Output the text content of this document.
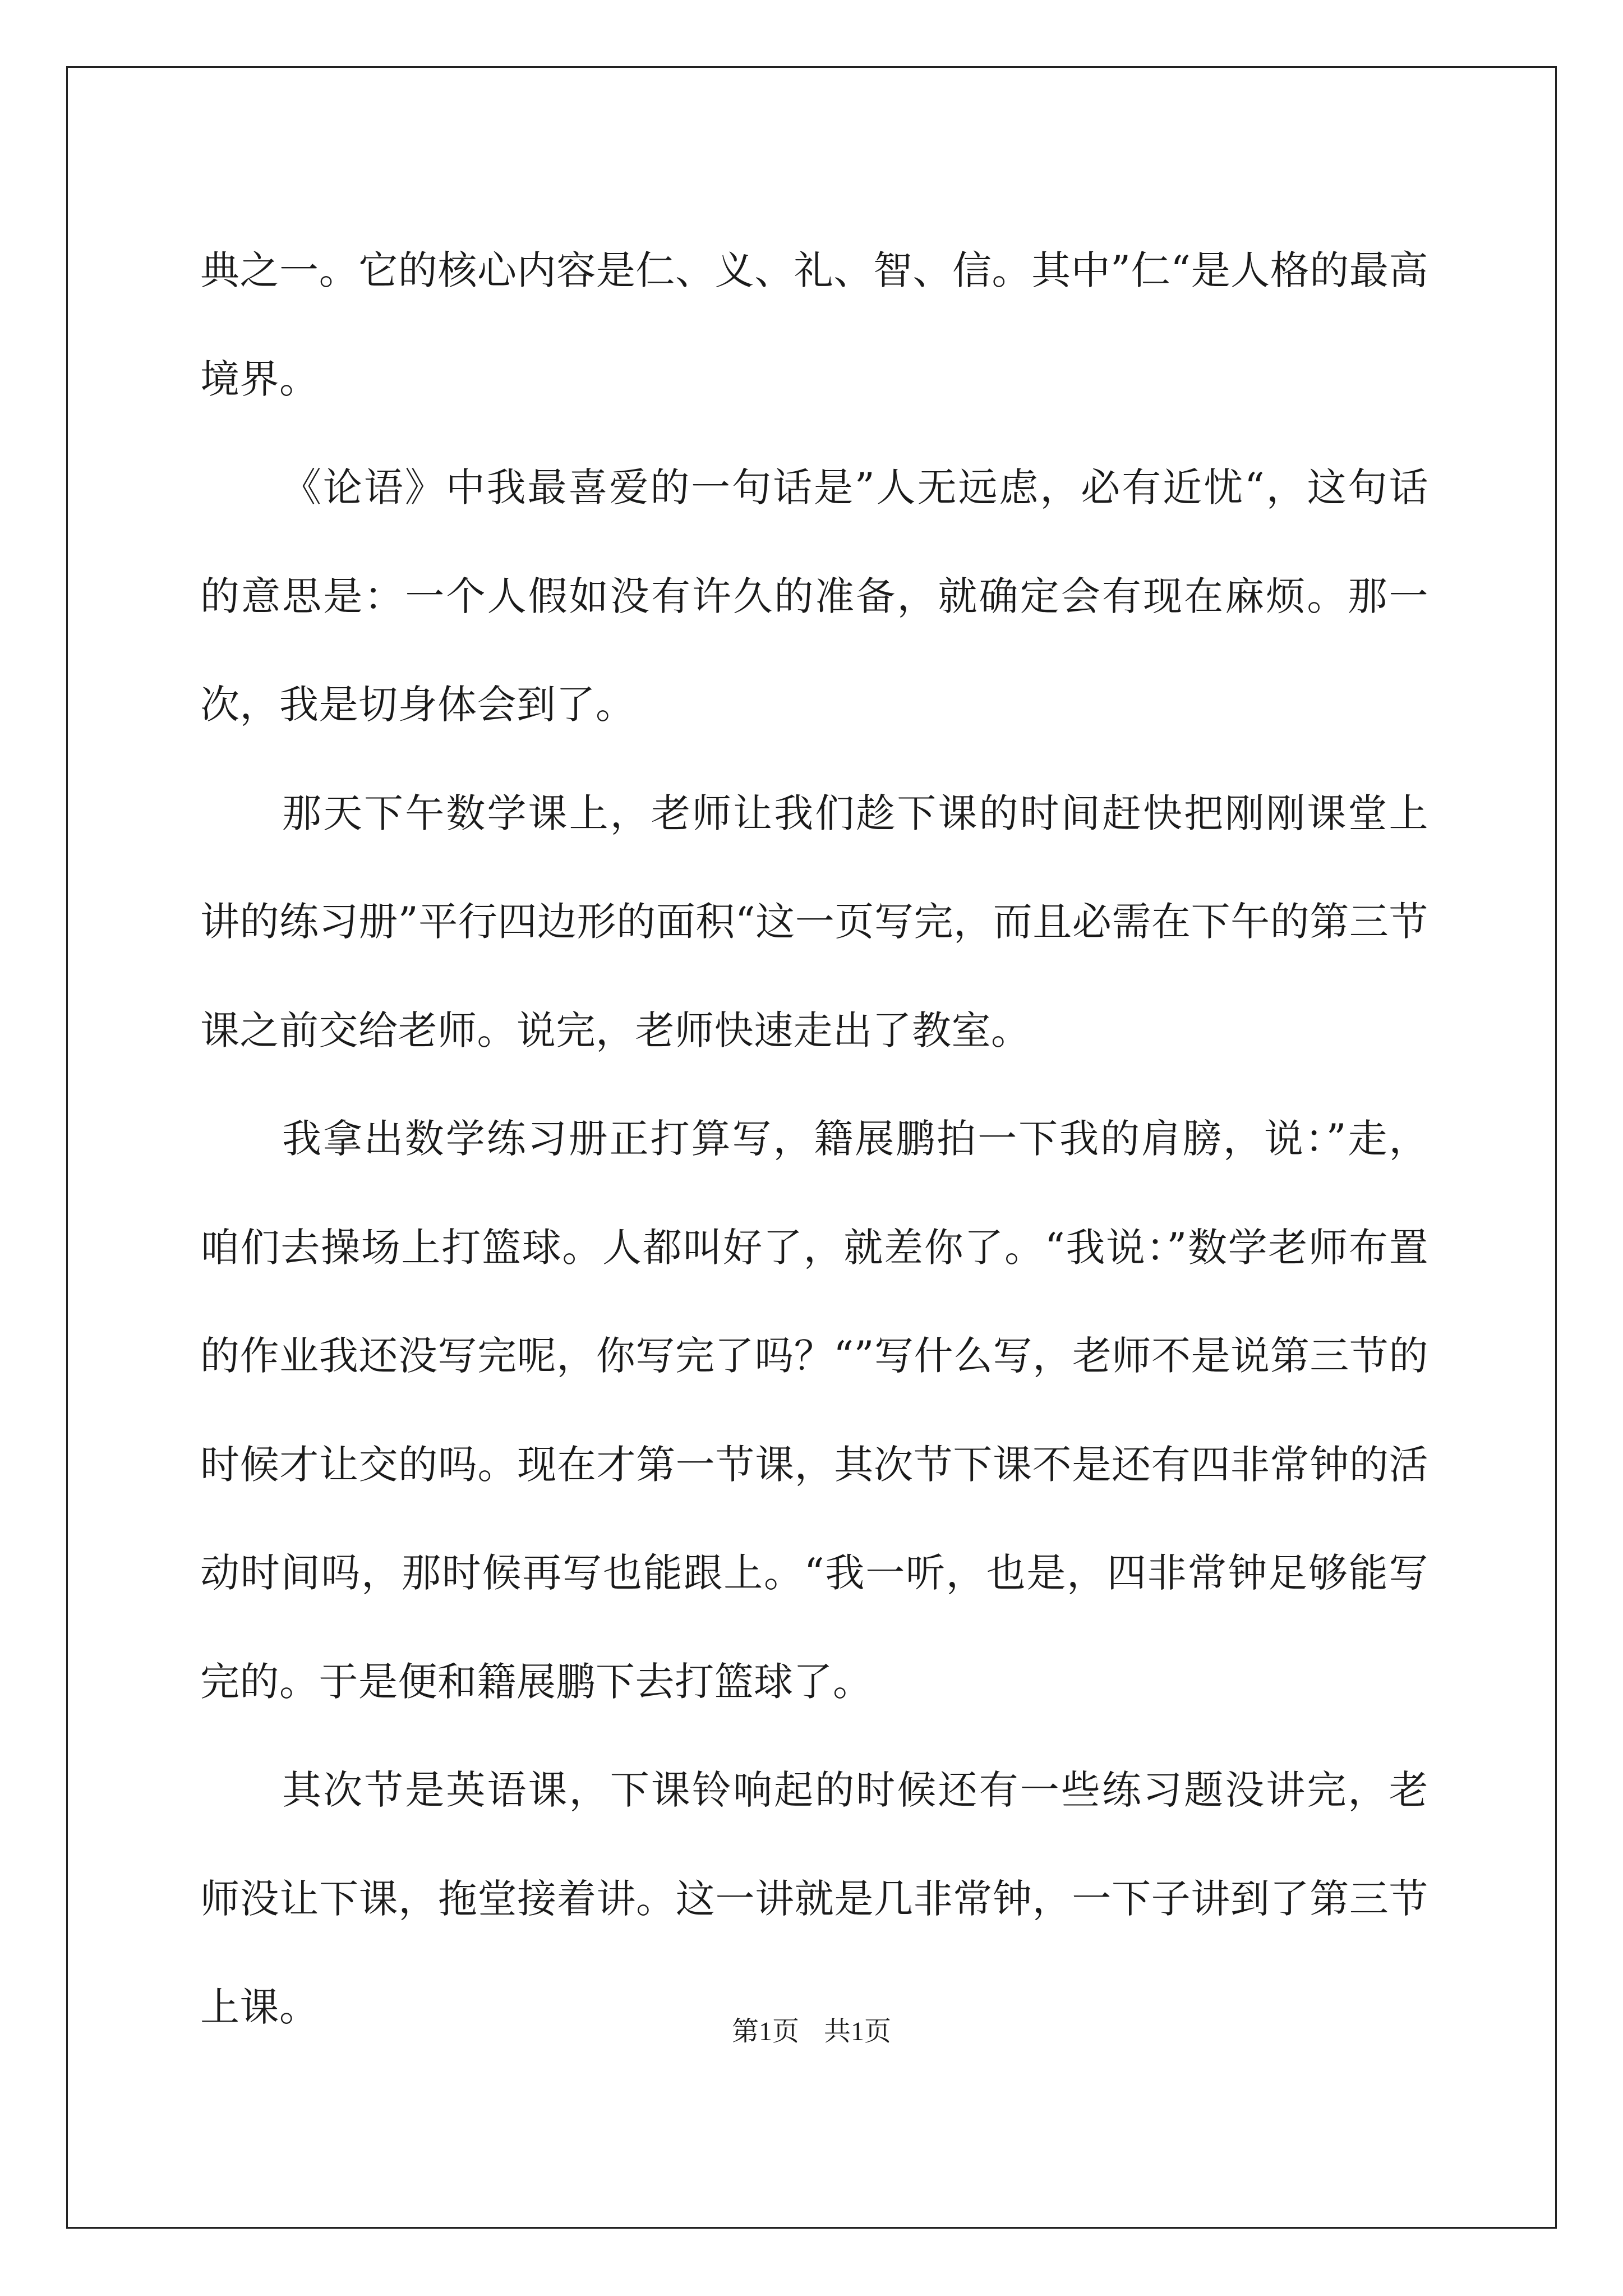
典之一。它的核心内容是仁、义、礼、智、信。其中”仁“是人格的最高境界。

《论语》中我最喜爱的一句话是”人无远虑，必有近忧“，这句话的意思是：一个人假如没有许久的准备，就确定会有现在麻烦。那一次，我是切身体会到了。

那天下午数学课上，老师让我们趁下课的时间赶快把刚刚课堂上讲的练习册”平行四边形的面积“这一页写完，而且必需在下午的第三节课之前交给老师。说完，老师快速走出了教室。

我拿出数学练习册正打算写，籍展鹏拍一下我的肩膀，说：”走，咱们去操场上打篮球。人都叫好了，就差你了。“我说：”数学老师布置的作业我还没写完呢，你写完了吗？“”写什么写，老师不是说第三节的时候才让交的吗。现在才第一节课，其次节下课不是还有四非常钟的活动时间吗，那时候再写也能跟上。“我一听，也是，四非常钟足够能写完的。于是便和籍展鹏下去打篮球了。

其次节是英语课，下课铃响起的时候还有一些练习题没讲完，老师没让下课，拖堂接着讲。这一讲就是几非常钟，一下子讲到了第三节上课。

第1页 共1页
